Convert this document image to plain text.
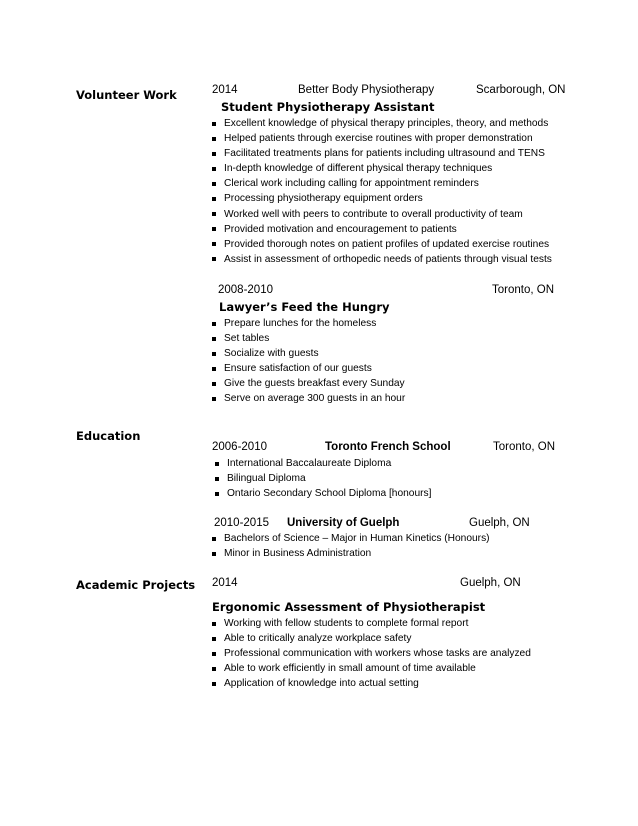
Volunteer Work	2014	Better Body Physiotherapy	Scarborough, ON
Student Physiotherapy Assistant
Excellent knowledge of physical therapy principles, theory, and methods
Helped patients through exercise routines with proper demonstration
Facilitated treatments plans for patients including ultrasound and TENS
In-depth knowledge of different physical therapy techniques
Clerical work including calling for appointment reminders
Processing physiotherapy equipment orders
Worked well with peers to contribute to overall productivity of team
Provided motivation and encouragement to patients
Provided thorough notes on patient profiles of updated exercise routines
Assist in assessment of orthopedic needs of patients through visual tests
2008-2010	Toronto, ON
Lawyer’s Feed the Hungry
Prepare lunches for the homeless
Set tables
Socialize with guests
Ensure satisfaction of our guests
Give the guests breakfast every Sunday
Serve on average 300 guests in an hour
Education
2006-2010	Toronto French School	Toronto, ON
International Baccalaureate Diploma
Bilingual Diploma
Ontario Secondary School Diploma [honours]
2010-2015 University of Guelph	Guelph, ON
Bachelors of Science – Major in Human Kinetics (Honours)
Minor in Business Administration
Academic Projects 2014	Guelph, ON
Ergonomic Assessment of Physiotherapist
Working with fellow students to complete formal report
Able to critically analyze workplace safety
Professional communication with workers whose tasks are analyzed
Able to work efficiently in small amount of time available
Application of knowledge into actual setting
